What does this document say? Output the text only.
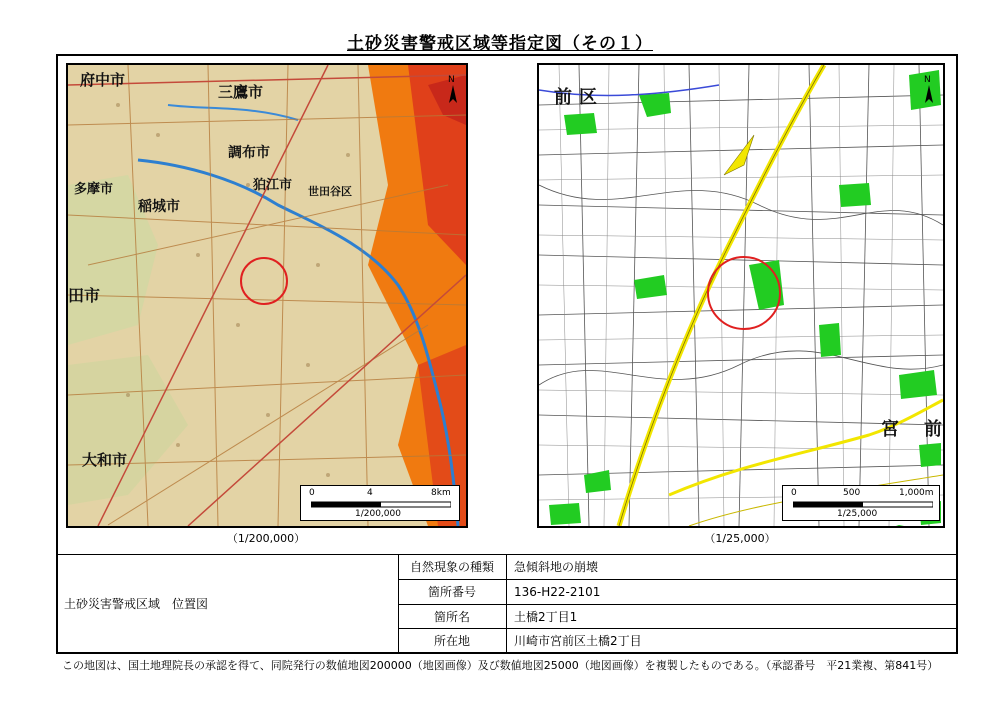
土砂災害警戒区域等指定図（その１）
府中市
三鷹市
調布市
狛江市 世田谷区
多摩市
稲城市
田市
大和市
N
0	4	8km
1/200,000
（1/200,000）
前 区
宮 前
N
0	500	1,000m
1/25,000
（1/25,000）
土砂災害警戒区域　位置図
自然現象の種類	急傾斜地の崩壊
箇所番号	136-H22-2101
箇所名	土橋2丁目1
所在地	川崎市宮前区土橋2丁目
この地図は、国土地理院長の承認を得て、同院発行の数値地図200000（地図画像）及び数値地図25000（地図画像）を複製したものである。（承認番号　平21業複、第841号）
